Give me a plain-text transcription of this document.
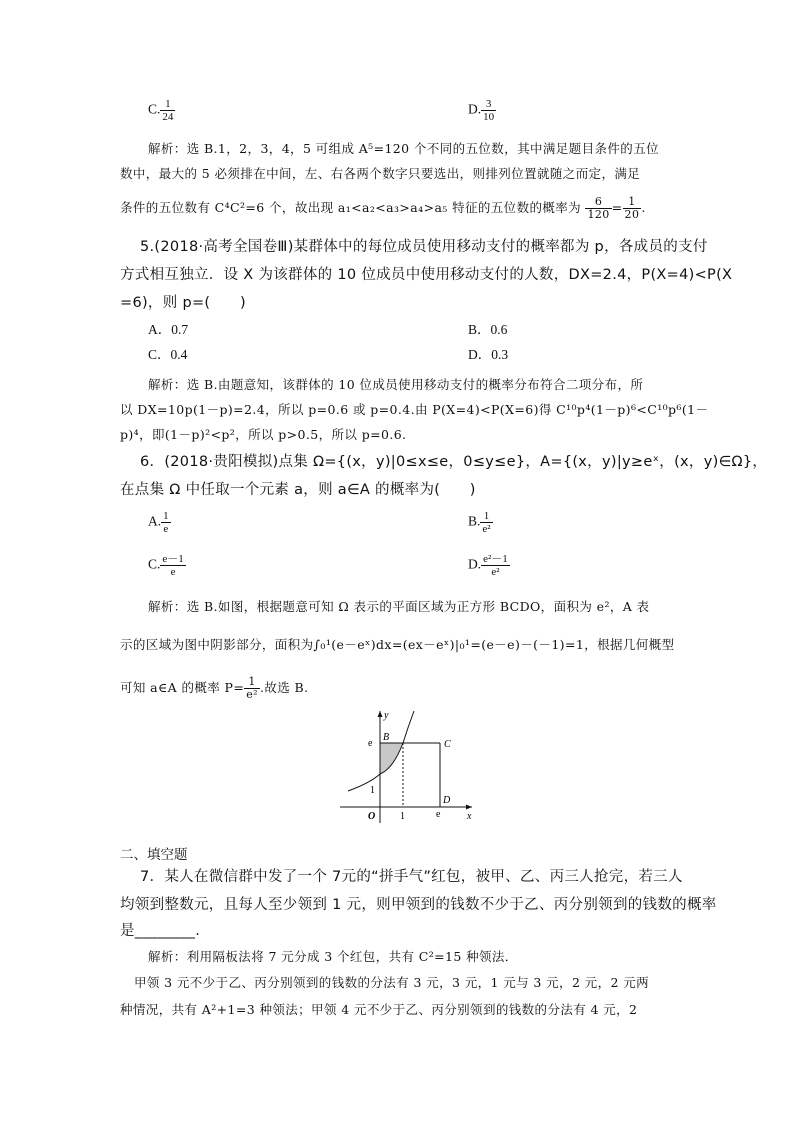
C. $\frac{1}{24}$	D. $\frac{3}{10}$
解析：选 B.1，2，3，4，5 可组成 A⁵=120 个不同的五位数，其中满足题目条件的五位
数中，最大的 5 必须排在中间，左、右各两个数字只要选出，则排列位置就随之而定，满足
条件的五位数有 C⁴C²=6 个，故出现 a₁<a₂<a₃>a₄>a₅ 特征的五位数的概率为 $\frac{6}{120} = \frac{1}{20}$ .
5.(2018·高考全国卷Ⅲ)某群体中的每位成员使用移动支付的概率都为 p，各成员的支付
方式相互独立．设 X 为该群体的 10 位成员中使用移动支付的人数，DX=2.4，P(X=4)<P(X
=6)，则 p=(　　)
A．0.7	B．0.6
C．0.4	D．0.3
解析：选 B.由题意知，该群体的 10 位成员使用移动支付的概率分布符合二项分布，所
以 DX=10p(1－p)=2.4，所以 p=0.6 或 p=0.4.由 P(X=4)<P(X=6)得 C¹⁰p⁴(1－p)⁶<C¹⁰p⁶(1－
p)⁴，即(1－p)²<p²，所以 p>0.5，所以 p=0.6.
6．(2018·贵阳模拟)点集 Ω={(x，y)|0≤x≤e，0≤y≤e}，A={(x，y)|y≥eˣ，(x，y)∈Ω}，
在点集 Ω 中任取一个元素 a，则 a∈A 的概率为(　　)
A. $\frac{1}{e}$	B. $\frac{1}{\text{e²}}$
C. $\frac{e-1}{e}$	D. $\frac{\text{e²－1}}{\text{e²}}$
解析：选 B.如图，根据题意可知 Ω 表示的平面区域为正方形 BCDO，面积为 e²，A 表
示的区域为图中阴影部分，面积为∫₀¹(e－eˣ)dx=(ex－eˣ)|₀¹=(e－e)－(－1)=1，根据几何概型
可知 a∈A 的概率 $P= \frac{1}{\text{e²}}$ .故选 B.
y
x
O
B
C
D
e
1
1	e
二、填空题
7．某人在微信群中发了一个 7元的“拼手气”红包，被甲、乙、丙三人抢完，若三人
均领到整数元，且每人至少领到 1 元，则甲领到的钱数不少于乙、丙分别领到的钱数的概率
是________．
解析：利用隔板法将 7 元分成 3 个红包，共有 C²=15 种领法．
甲领 3 元不少于乙、丙分别领到的钱数的分法有 3 元，3 元，1 元与 3 元，2 元，2 元两
种情况，共有 A²+1=3 种领法；甲领 4 元不少于乙、丙分别领到的钱数的分法有 4 元，2
